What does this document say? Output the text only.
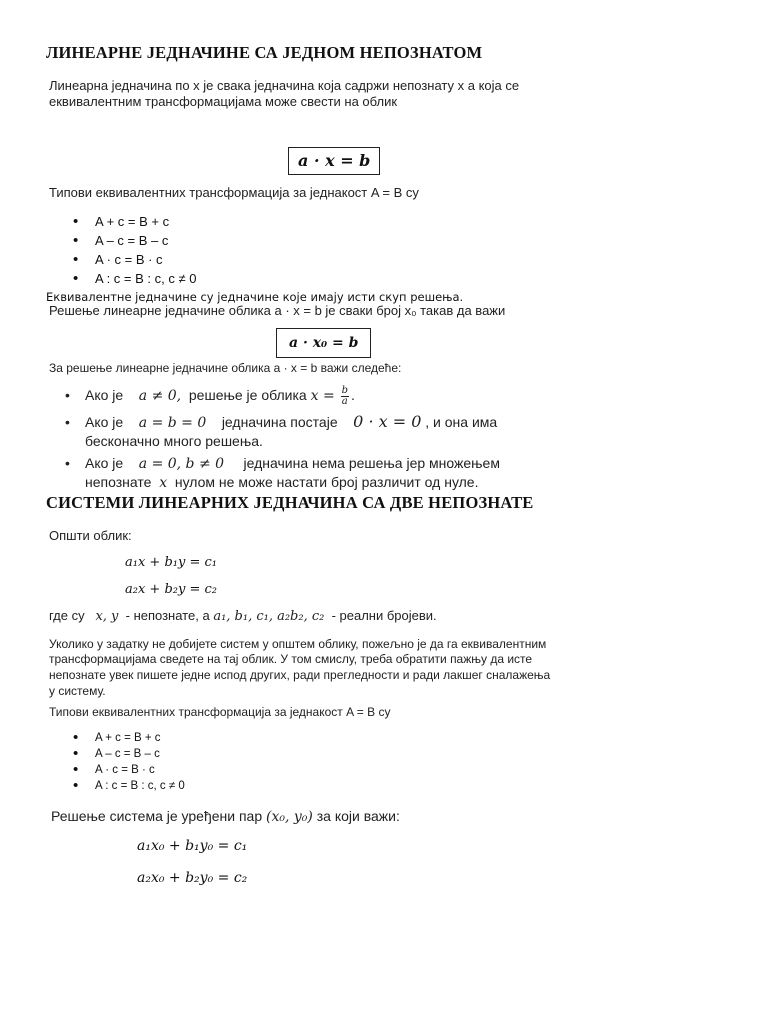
ЛИНЕАРНЕ ЈЕДНАЧИНЕ СА ЈЕДНОМ НЕПОЗНАТОМ
Линеарна једначина по x је свака једначина која садржи непознату x а која се
еквивалентним трансформацијама може свести на облик
a · x = b
Типови еквивалентних трансформација за једнакост A = B су
• A + c = B + c
• A – c = B – c
• A · c = B · c
• A : c = B : c, c ≠ 0
Еквивалентне једначине су једначине које имају исти скуп решења.
Решење линеарне једначине облика a · x = b је сваки број x₀ такав да важи
a · x₀ = b
За решење линеарне једначине облика a · x = b важи следеће:
• Ако је a ≠ 0, решење је облика $x = \frac{b}{a}$ .
• Ако је a = b = 0 једначина постаје 0 · x = 0 , и она има
бесконачно много решења.
• Ако је a = 0, b ≠ 0 једначина нема решења јер множењем
непознате x нулом не може настати број различит од нуле.
СИСТЕМИ ЛИНЕАРНИХ ЈЕДНАЧИНА СА ДВЕ НЕПОЗНАТЕ
Општи облик:
a₁x + b₁y = c₁
a₂x + b₂y = c₂
где су x, y - непознате, а a₁, b₁, c₁, a₂b₂, c₂ - реални бројеви.
Уколико у задатку не добијете систем у општем облику, пожељно је да га еквивалентним
трансформацијама сведете на тај облик. У том смислу, треба обратити пажњу да исте
непознате увек пишете једне испод других, ради прегледности и ради лакшег сналажења
у систему.
Типови еквивалентних трансформација за једнакост A = B су
• A + c = B + c
• A – c = B – c
• A · c = B · c
• A : c = B : c, c ≠ 0
Решење система је уређени пар (x₀, y₀) за који важи:
a₁x₀ + b₁y₀ = c₁
a₂x₀ + b₂y₀ = c₂
